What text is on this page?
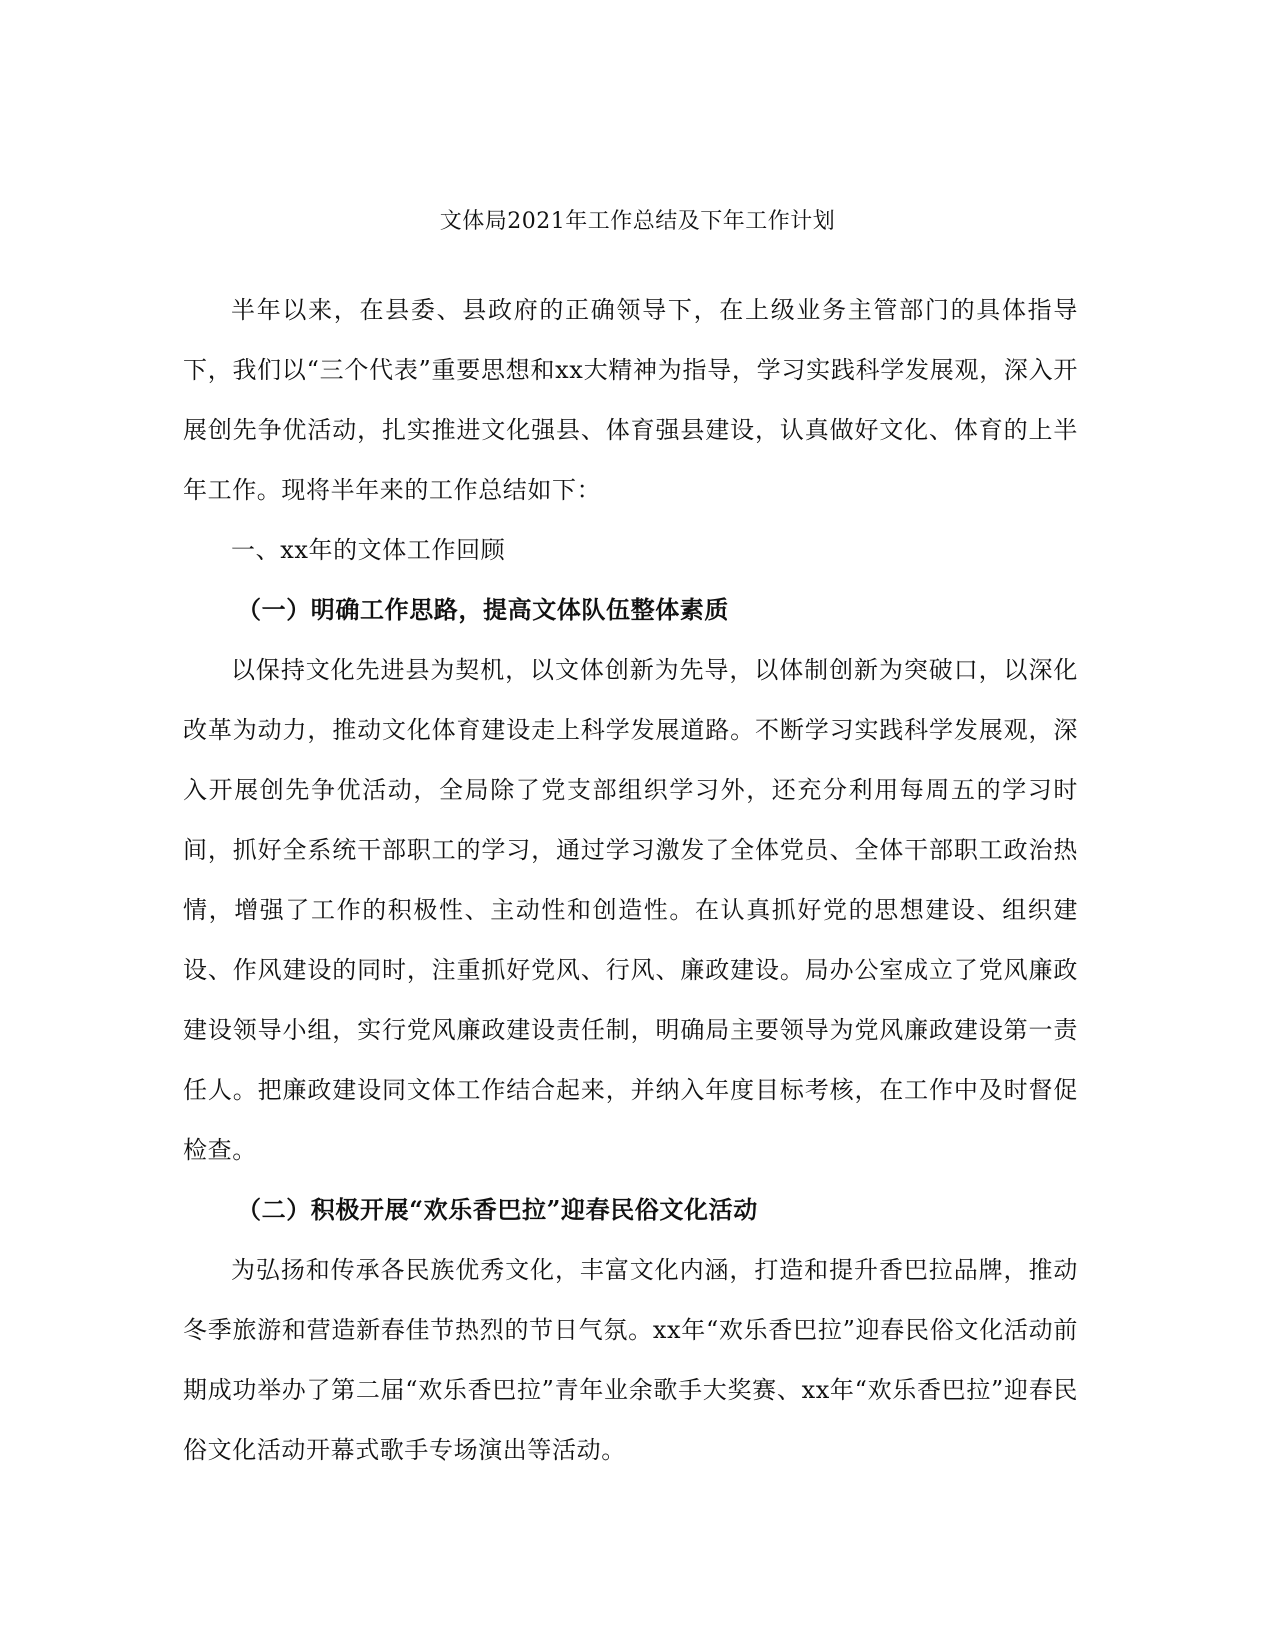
文体局2021年工作总结及下年工作计划

半年以来，在县委、县政府的正确领导下，在上级业务主管部门的具体指导下，我们以“三个代表”重要思想和xx大精神为指导，学习实践科学发展观，深入开展创先争优活动，扎实推进文化强县、体育强县建设，认真做好文化、体育的上半年工作。现将半年来的工作总结如下：

一、xx年的文体工作回顾

（一）明确工作思路，提高文体队伍整体素质

以保持文化先进县为契机，以文体创新为先导，以体制创新为突破口，以深化改革为动力，推动文化体育建设走上科学发展道路。不断学习实践科学发展观，深入开展创先争优活动，全局除了党支部组织学习外，还充分利用每周五的学习时间，抓好全系统干部职工的学习，通过学习激发了全体党员、全体干部职工政治热情，增强了工作的积极性、主动性和创造性。在认真抓好党的思想建设、组织建设、作风建设的同时，注重抓好党风、行风、廉政建设。局办公室成立了党风廉政建设领导小组，实行党风廉政建设责任制，明确局主要领导为党风廉政建设第一责任人。把廉政建设同文体工作结合起来，并纳入年度目标考核，在工作中及时督促检查。

（二）积极开展“欢乐香巴拉”迎春民俗文化活动

为弘扬和传承各民族优秀文化，丰富文化内涵，打造和提升香巴拉品牌，推动冬季旅游和营造新春佳节热烈的节日气氛。xx年“欢乐香巴拉”迎春民俗文化活动前期成功举办了第二届“欢乐香巴拉”青年业余歌手大奖赛、xx年“欢乐香巴拉”迎春民俗文化活动开幕式歌手专场演出等活动。
